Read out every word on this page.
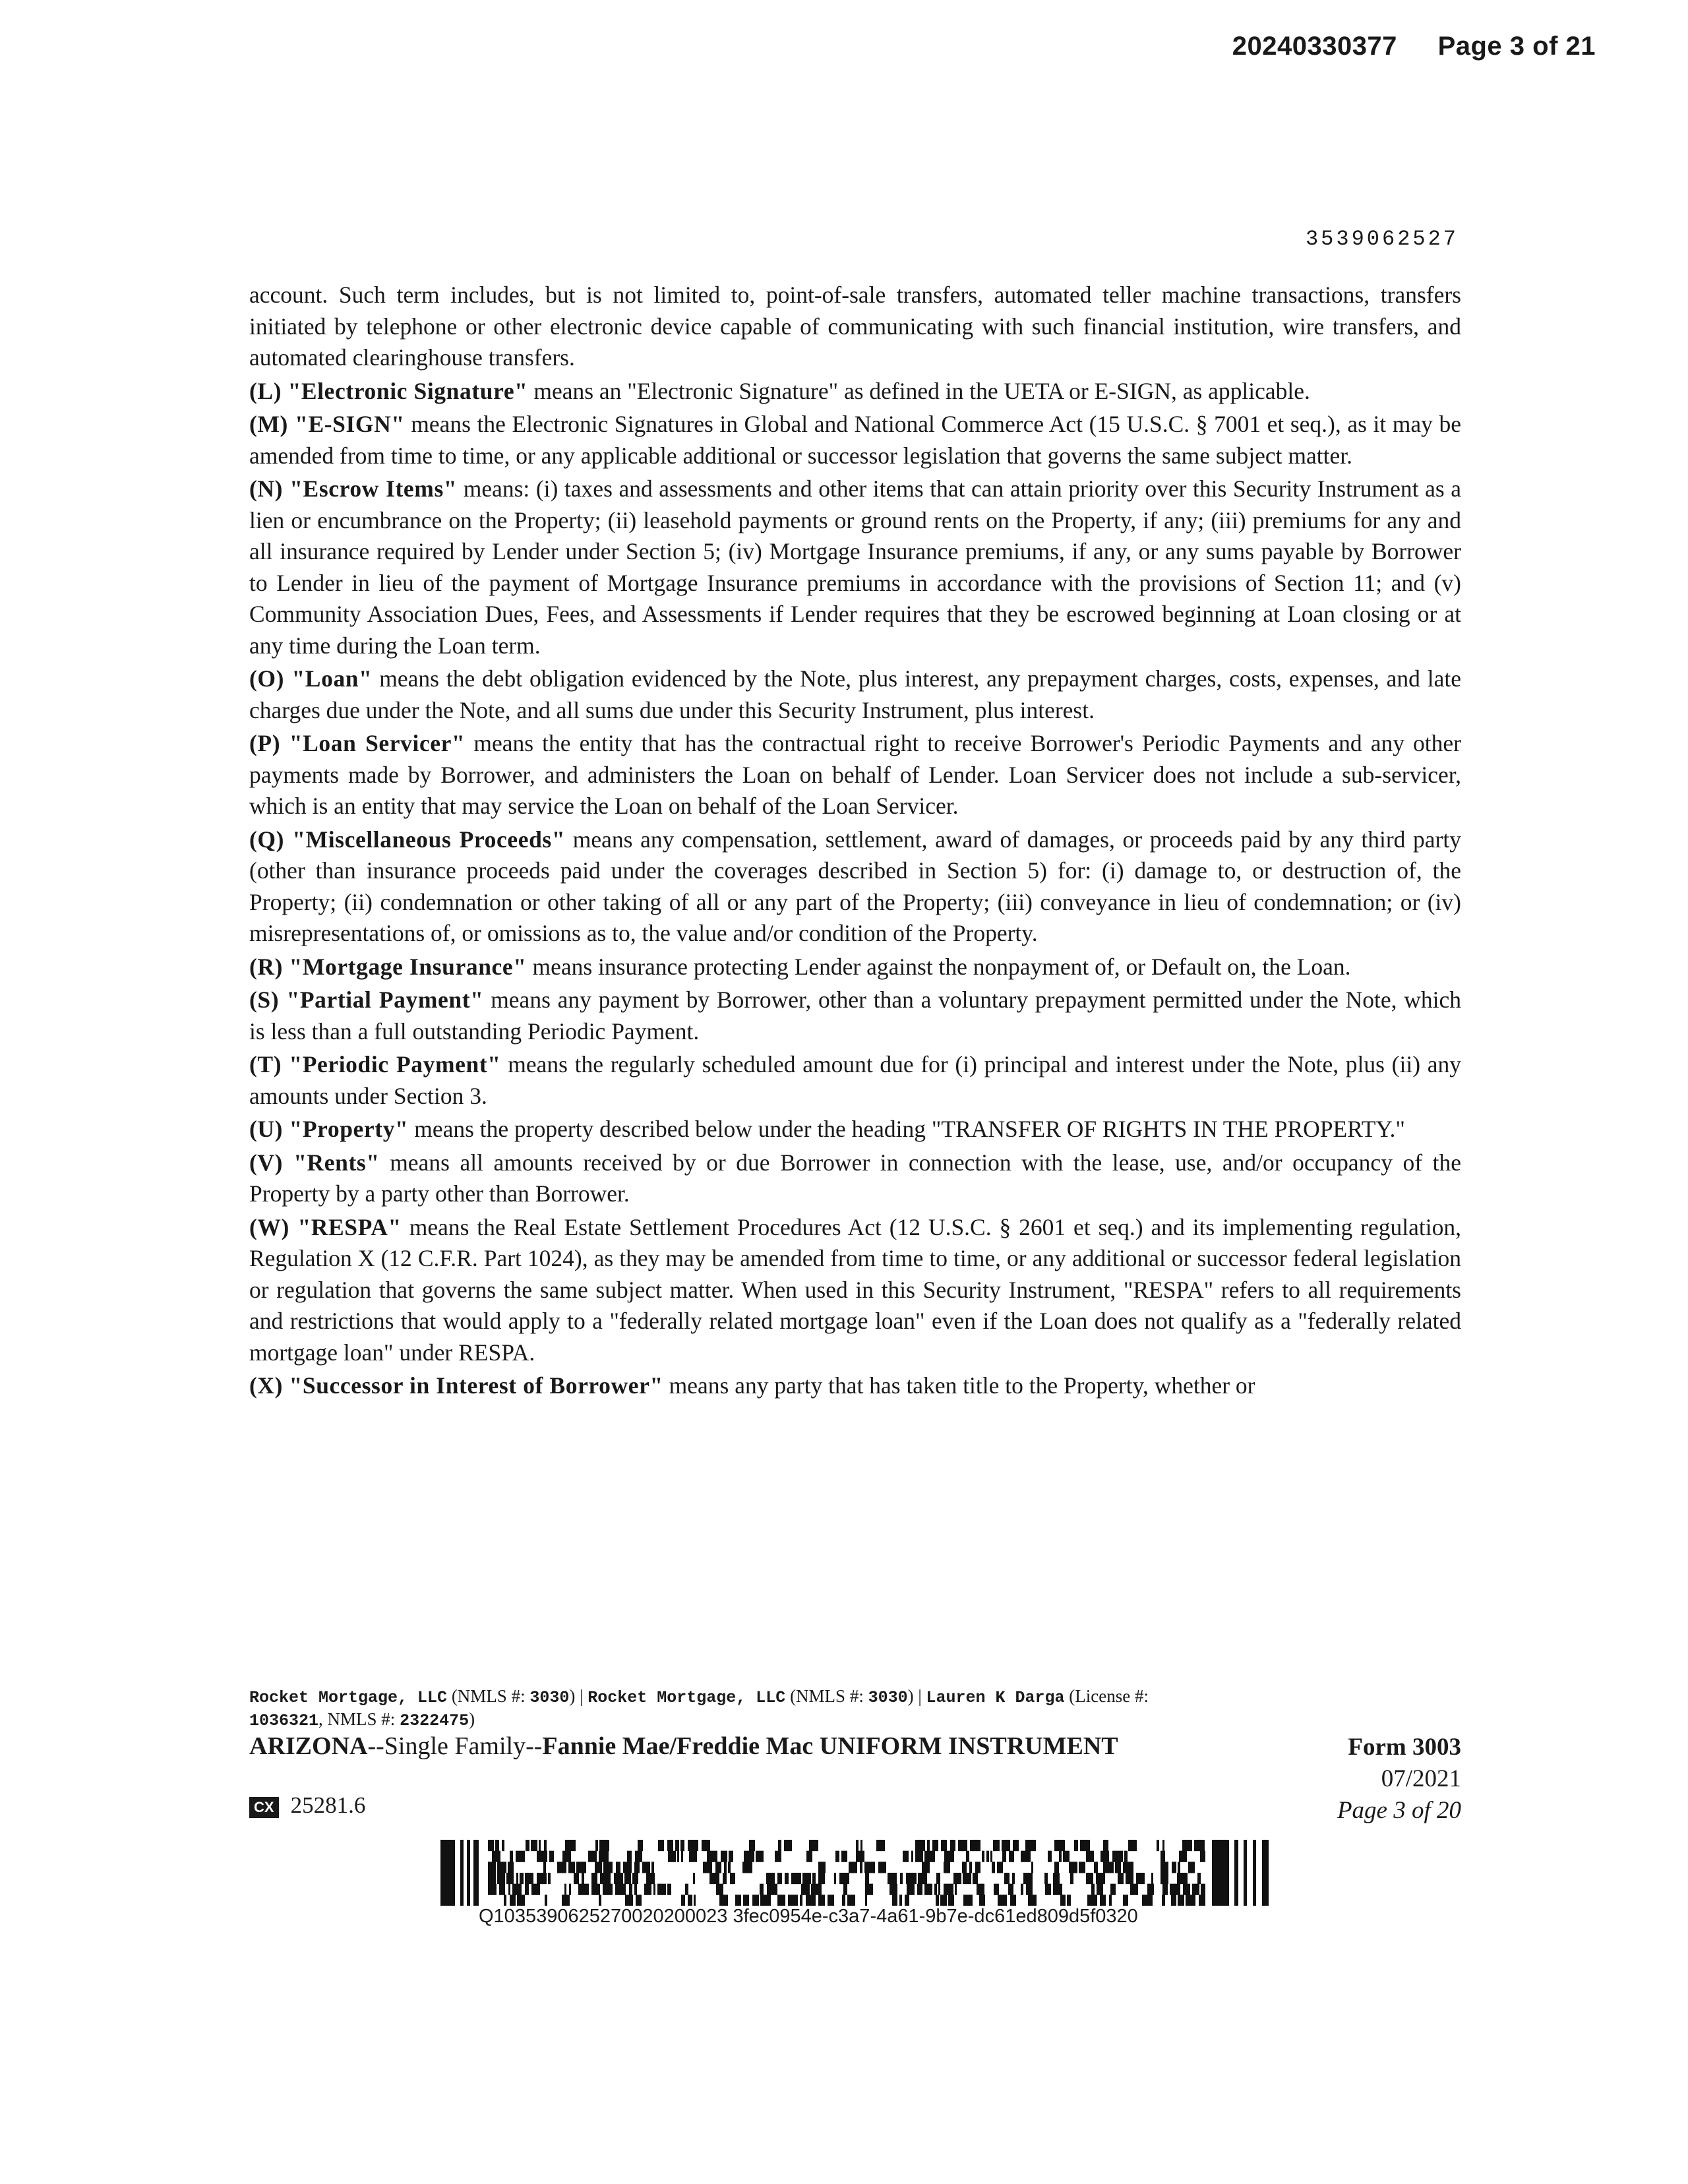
20240330377 Page 3 of 21
3539062527

account. Such term includes, but is not limited to, point-of-sale transfers, automated teller machine transactions, transfers initiated by telephone or other electronic device capable of communicating with such financial institution, wire transfers, and automated clearinghouse transfers.

(L) "Electronic Signature" means an "Electronic Signature" as defined in the UETA or E-SIGN, as applicable.

(M) "E-SIGN" means the Electronic Signatures in Global and National Commerce Act (15 U.S.C. § 7001 et seq.), as it may be amended from time to time, or any applicable additional or successor legislation that governs the same subject matter.

(N) "Escrow Items" means: (i) taxes and assessments and other items that can attain priority over this Security Instrument as a lien or encumbrance on the Property; (ii) leasehold payments or ground rents on the Property, if any; (iii) premiums for any and all insurance required by Lender under Section 5; (iv) Mortgage Insurance premiums, if any, or any sums payable by Borrower to Lender in lieu of the payment of Mortgage Insurance premiums in accordance with the provisions of Section 11; and (v) Community Association Dues, Fees, and Assessments if Lender requires that they be escrowed beginning at Loan closing or at any time during the Loan term.

(O) "Loan" means the debt obligation evidenced by the Note, plus interest, any prepayment charges, costs, expenses, and late charges due under the Note, and all sums due under this Security Instrument, plus interest.

(P) "Loan Servicer" means the entity that has the contractual right to receive Borrower's Periodic Payments and any other payments made by Borrower, and administers the Loan on behalf of Lender. Loan Servicer does not include a sub-servicer, which is an entity that may service the Loan on behalf of the Loan Servicer.

(Q) "Miscellaneous Proceeds" means any compensation, settlement, award of damages, or proceeds paid by any third party (other than insurance proceeds paid under the coverages described in Section 5) for: (i) damage to, or destruction of, the Property; (ii) condemnation or other taking of all or any part of the Property; (iii) conveyance in lieu of condemnation; or (iv) misrepresentations of, or omissions as to, the value and/or condition of the Property.

(R) "Mortgage Insurance" means insurance protecting Lender against the nonpayment of, or Default on, the Loan.

(S) "Partial Payment" means any payment by Borrower, other than a voluntary prepayment permitted under the Note, which is less than a full outstanding Periodic Payment.

(T) "Periodic Payment" means the regularly scheduled amount due for (i) principal and interest under the Note, plus (ii) any amounts under Section 3.

(U) "Property" means the property described below under the heading "TRANSFER OF RIGHTS IN THE PROPERTY."

(V) "Rents" means all amounts received by or due Borrower in connection with the lease, use, and/or occupancy of the Property by a party other than Borrower.

(W) "RESPA" means the Real Estate Settlement Procedures Act (12 U.S.C. § 2601 et seq.) and its implementing regulation, Regulation X (12 C.F.R. Part 1024), as they may be amended from time to time, or any additional or successor federal legislation or regulation that governs the same subject matter. When used in this Security Instrument, "RESPA" refers to all requirements and restrictions that would apply to a "federally related mortgage loan" even if the Loan does not qualify as a "federally related mortgage loan" under RESPA.

(X) "Successor in Interest of Borrower" means any party that has taken title to the Property, whether or

Rocket Mortgage, LLC (NMLS #: 3030) | Rocket Mortgage, LLC (NMLS #: 3030) | Lauren K Darga (License #:
1036321, NMLS #: 2322475)
ARIZONA--Single Family--Fannie Mae/Freddie Mac UNIFORM INSTRUMENT	Form 3003
07/2021
Page 3 of 20
CX 25281.6
Q1035390625270020200023 3fec0954e-c3a7-4a61-9b7e-dc61ed809d5f0320
